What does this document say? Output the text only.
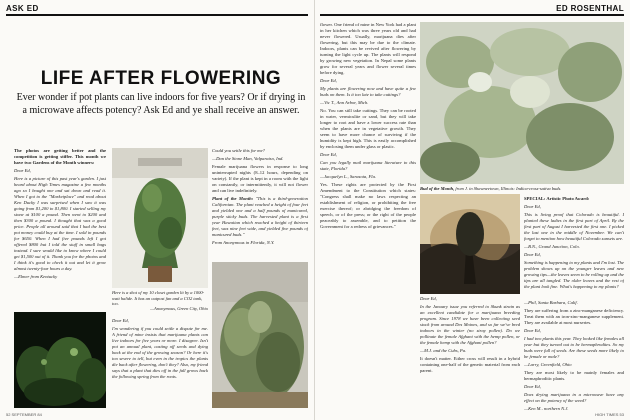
ASK ED	ED ROSENTHAL
LIFE AFTER FLOWERING
Ever wonder if pot plants can live indoors for five years? Or if drying in a microwave affects potency? Ask Ed and ye shall receive an answer.

The photos are getting better and the competition is getting stiffer. This month we have two Gardens of the Month winners:

Dear Ed,

Here is a picture of this past year's garden. I just heard about High Times magazine a few months ago so I bought one and sat down and read it. When I got to the "Marketplace" and read about Ken Ducky I was surprised when I saw it was going from $1,200 to $1,800. I started selling my stone at $100 a pound. Then went to $200 and then $300 a pound. I thought that was a good price. People all around said that I had the best pot money could buy at the time. I sold in pounds for $650. When I had five pounds left I got offered $800 but I told the stuff in small bags instead. I sure would like to know where I could get $1,500 out of it. Thank you for the photos and I think it's good to check it out and let it grow almost twenty-four hours a day.

—Elmer from Kentucky

Here is a shot of my 10 closet garden lit by a 1000-watt halide. It has an outpost fan and a CO2 tank, too.
—Anonymous, Green City, Ohio

Dear Ed,

I'm wondering if you could settle a dispute for me. A friend of mine insists that marijuana plants can live indoors for five years or more. I disagree. Isn't pot an annual plant, casting off seeds and dying back at the end of the growing season? Or here it's too severe to tell, but even in the tropics the plants die back after flowering, don't they? Also, my friend says that a plant that dies off in the fall grows back the following spring from the roots.

Could you settle this for me?

—Dan the Stone Man, Valparaiso, Ind.

Female marijuana flowers in response to long uninterrupted nights (8–12 hours, depending on variety). If the plant is kept in a room with the light on constantly, or intermittently, it will not flower and can live indefinitely.

Plant of the Month: "This is a third-generation Californian. The plant reached a height of four feet and yielded one and a half pounds of manicured, purple sticky buds. The harvested plant is a first year Hawaiian which reached a height of thirteen feet, was nine feet wide, and yielded five pounds of manicured buds."

From Anonymous in Florida, N.Y.

flower. One friend of mine in New York had a plant in her kitchen which was three years old and had never flowered. Usually, marijuana dies after flowering, but this may be due to the climate. Indoors, plants can be revived after flowering by turning the light cycle up. The plants will respond by growing new vegetation. In Nepal some plants grow for several years and flower several times before dying.

Dear Ed,

My plants are flowering now and have quite a few buds on them. Is it too late to take cuttings?

—Vic T., Ann Arbor, Mich.

No. You can still take cuttings. They can be rooted in water, vermiculite or sand, but they will take longer to root and have a lower success rate than when the plants are in vegetative growth. They seem to have more chance of surviving if the humidity is kept high. This is easily accomplished by enclosing them under glass or plastic.

Dear Ed,

Can you legally mail marijuana literature to this state, Florida?

—Jacquelyn L., Sarasota, Fla.

Yes. These rights are protected by the First Amendment to the Constitution which states: "Congress shall make no laws respecting an establishment of religion, or prohibiting the free exercise thereof; or abridging the freedom of speech, or of the press; or the right of the people peaceably to assemble, and to petition the Government for a redress of grievances."

Bud of the Month, from J. in Shawneetown, Illinois: Indica-cross-sativa buds.

Dear Ed,

In the January issue you referred to Skunk strain as an excellent candidate for a marijuana breeding program. Since 1978 we have been collecting seed stock from around Des Moines, and so far we've bred indoors in the winter (no stray pollen). Do we pollinate the female Afghani with the hemp pollen, or the female hemp with the Afghani pollen?

—M.J. and the Cubs, Pa.

It doesn't matter. Either cross will result in a hybrid containing one-half of the genetic material from each parent.

SPECIAL: Artistic Photo Award:

Dear Ed,

This is living proof that Colorado is beautiful. I planted these ladies in the first part of April. By the first part of August I harvested the first one. I picked the last one in the middle of November. We can't forget to mention how beautiful Colorado sunsets are.

—B.N., Grand Junction, Colo.

Dear Ed,

Something is happening to my plants and I'm lost. The problem shows up on the younger leaves and new growing tips—the leaves seem to be rolling up and the tips are all tangled. The older leaves and the rest of the plant look fine. What's happening to my plants?

—Phil, Santa Barbara, Calif.

They are suffering from a zinc-manganese deficiency. Treat them with an iron-zinc-manganese supplement. They are available at most nurseries.

Dear Ed,

I had two plants this year. They looked like females all year but they turned out to be hermaphrodites. So my buds were full of seeds. Are these seeds more likely to be female or male?

—Larry, Greenfield, Ohio

They are most likely to be mainly females and hermaphroditic plants.

Dear Ed,

Does drying marijuana in a microwave have any effect on the potency of the weed?

—Ken M., northern N.J.

52 SEPTEMBER 84	HIGH TIMES 53
